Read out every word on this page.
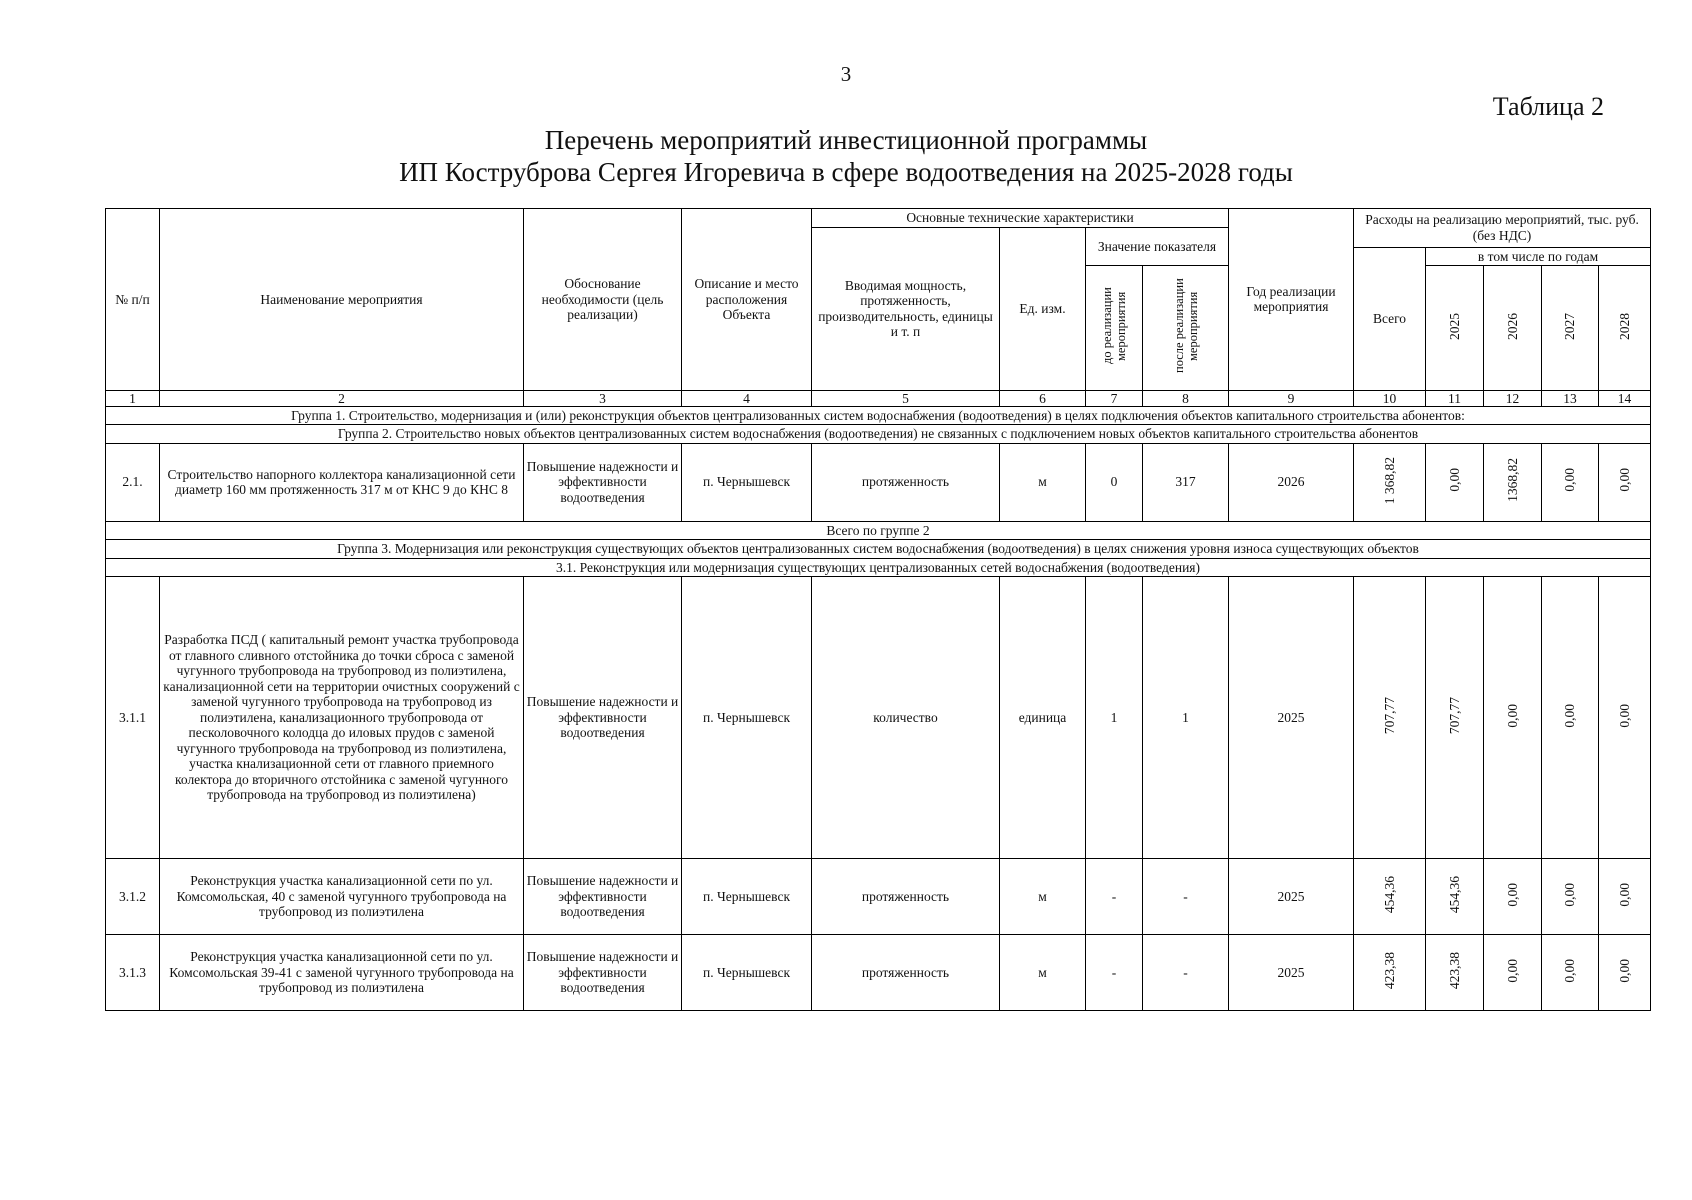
3
Таблица 2
Перечень мероприятий инвестиционной программы
ИП Коструброва Сергея Игоревича в сфере водоотведения на 2025-2028 годы
№ п/п	Наименование мероприятия	Обоснование необходимости (цель реализации)	Описание и место расположения Объекта	Основные технические характеристики				Год реализации мероприятия	Расходы на реализацию мероприятий, тыс. руб. (без НДС)				
				Вводимая мощность, протяженность, производительность, единицы и т. п	Ед. изм.	Значение показателя							
									Всего	в том числе по годам			
						до реализации мероприятия	после реализации мероприятия			2025	2026	2027	2028
1	2	3	4	5	6	7	8	9	10	11	12	13	14
Группа 1. Строительство, модернизация и (или) реконструкция объектов централизованных систем водоснабжения (водоотведения) в целях подключения объектов капитального строительства абонентов:													
Группа 2. Строительство новых объектов централизованных систем водоснабжения (водоотведения) не связанных с подключением новых объектов капитального строительства абонентов													
2.1.	Строительство напорного коллектора канализационной сети диаметр 160 мм протяженность 317 м от КНС 9 до КНС 8	Повышение надежности и эффективности водоотведения	п. Чернышевск	протяженность	м	0	317	2026	1 368,82	0,00	1368,82	0,00	0,00
Всего по группе 2													
Группа 3. Модернизация или реконструкция существующих объектов централизованных систем водоснабжения (водоотведения) в целях снижения уровня износа существующих объектов													
3.1. Реконструкция или модернизация существующих централизованных сетей водоснабжения (водоотведения)													
3.1.1	Разработка ПСД ( капитальный ремонт участка трубопровода от главного сливного отстойника до точки сброса с заменой чугунного трубопровода на трубопровод из полиэтилена, канализационной сети на территории очистных сооружений с заменой чугунного трубопровода на трубопровод из полиэтилена, канализационного трубопровода от песколовочного колодца до иловых прудов с заменой чугунного трубопровода на трубопровод из полиэтилена, участка кнализационной сети от главного приемного колектора до вторичного отстойника с заменой чугунного трубопровода на трубопровод из полиэтилена)	Повышение надежности и эффективности водоотведения	п. Чернышевск	количество	единица	1	1	2025	707,77	707,77	0,00	0,00	0,00
3.1.2	Реконструкция участка канализационной сети по ул. Комсомольская, 40 с заменой чугунного трубопровода на трубопровод из полиэтилена	Повышение надежности и эффективности водоотведения	п. Чернышевск	протяженность	м	-	-	2025	454,36	454,36	0,00	0,00	0,00
3.1.3	Реконструкция участка канализационной сети по ул. Комсомольская 39-41 с заменой чугунного трубопровода на трубопровод из полиэтилена	Повышение надежности и эффективности водоотведения	п. Чернышевск	протяженность	м	-	-	2025	423,38	423,38	0,00	0,00	0,00
